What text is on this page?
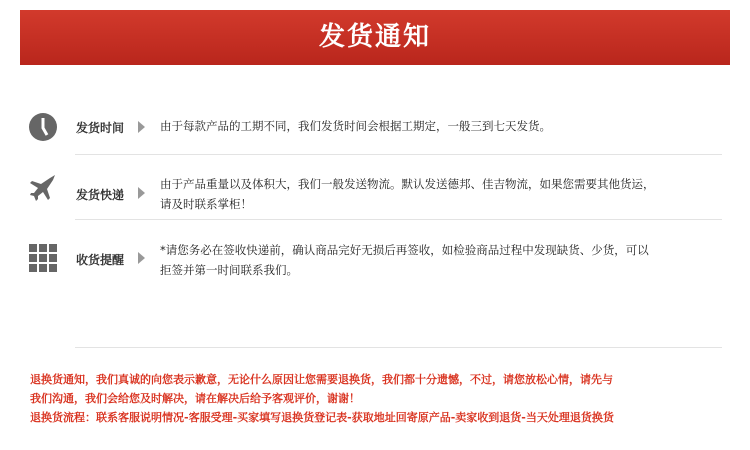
发货通知
发货时间	由于每款产品的工期不同，我们发货时间会根据工期定，一般三到七天发货。
发货快递
由于产品重量以及体积大，我们一般发送物流。默认发送德邦、佳吉物流，如果您需要其他货运，
请及时联系掌柜！
收货提醒
*请您务必在签收快递前，确认商品完好无损后再签收，如检验商品过程中发现缺货、少货，可以
拒签并第一时间联系我们。
退换货通知，我们真诚的向您表示歉意，无论什么原因让您需要退换货，我们都十分遗憾，不过，请您放松心情，请先与
我们沟通，我们会给您及时解决，请在解决后给予客观评价，谢谢！
退换货流程：联系客服说明情况-客服受理-买家填写退换货登记表-获取地址回寄原产品-卖家收到退货-当天处理退货换货
